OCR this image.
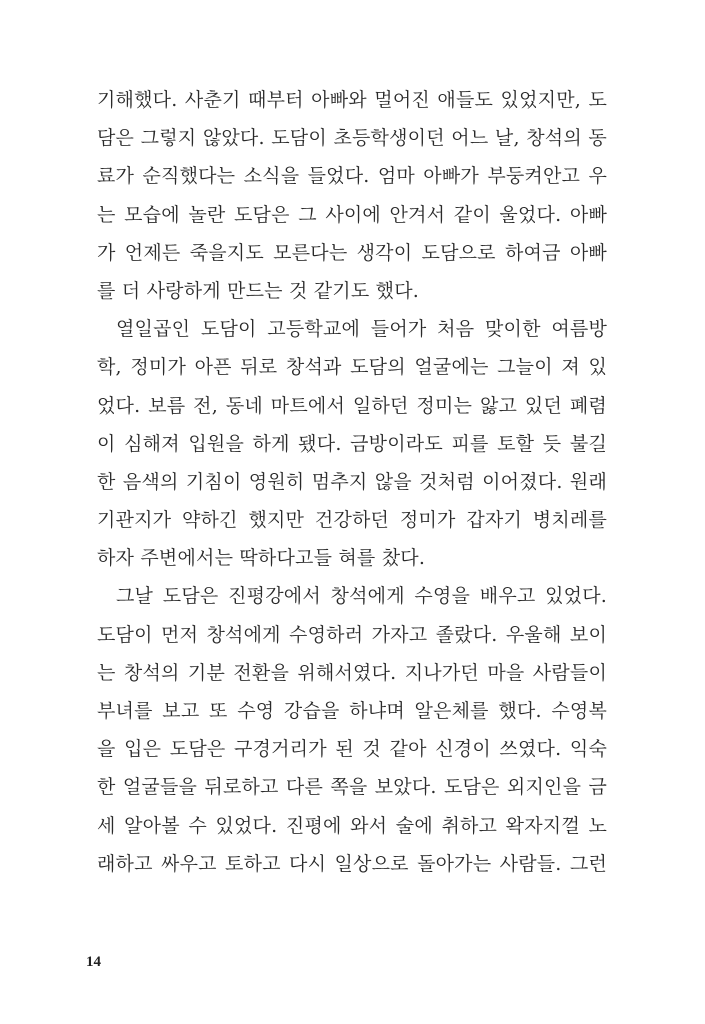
기해했다. 사춘기 때부터 아빠와 멀어진 애들도 있었지만, 도
담은 그렇지 않았다. 도담이 초등학생이던 어느 날, 창석의 동
료가 순직했다는 소식을 들었다. 엄마 아빠가 부둥켜안고 우
는 모습에 놀란 도담은 그 사이에 안겨서 같이 울었다. 아빠
가 언제든 죽을지도 모른다는 생각이 도담으로 하여금 아빠
를 더 사랑하게 만드는 것 같기도 했다.
열일곱인 도담이 고등학교에 들어가 처음 맞이한 여름방
학, 정미가 아픈 뒤로 창석과 도담의 얼굴에는 그늘이 져 있
었다. 보름 전, 동네 마트에서 일하던 정미는 앓고 있던 폐렴
이 심해져 입원을 하게 됐다. 금방이라도 피를 토할 듯 불길
한 음색의 기침이 영원히 멈추지 않을 것처럼 이어졌다. 원래
기관지가 약하긴 했지만 건강하던 정미가 갑자기 병치레를
하자 주변에서는 딱하다고들 혀를 찼다.
그날 도담은 진평강에서 창석에게 수영을 배우고 있었다.
도담이 먼저 창석에게 수영하러 가자고 졸랐다. 우울해 보이
는 창석의 기분 전환을 위해서였다. 지나가던 마을 사람들이
부녀를 보고 또 수영 강습을 하냐며 알은체를 했다. 수영복
을 입은 도담은 구경거리가 된 것 같아 신경이 쓰였다. 익숙
한 얼굴들을 뒤로하고 다른 쪽을 보았다. 도담은 외지인을 금
세 알아볼 수 있었다. 진평에 와서 술에 취하고 왁자지껄 노
래하고 싸우고 토하고 다시 일상으로 돌아가는 사람들. 그런
14
